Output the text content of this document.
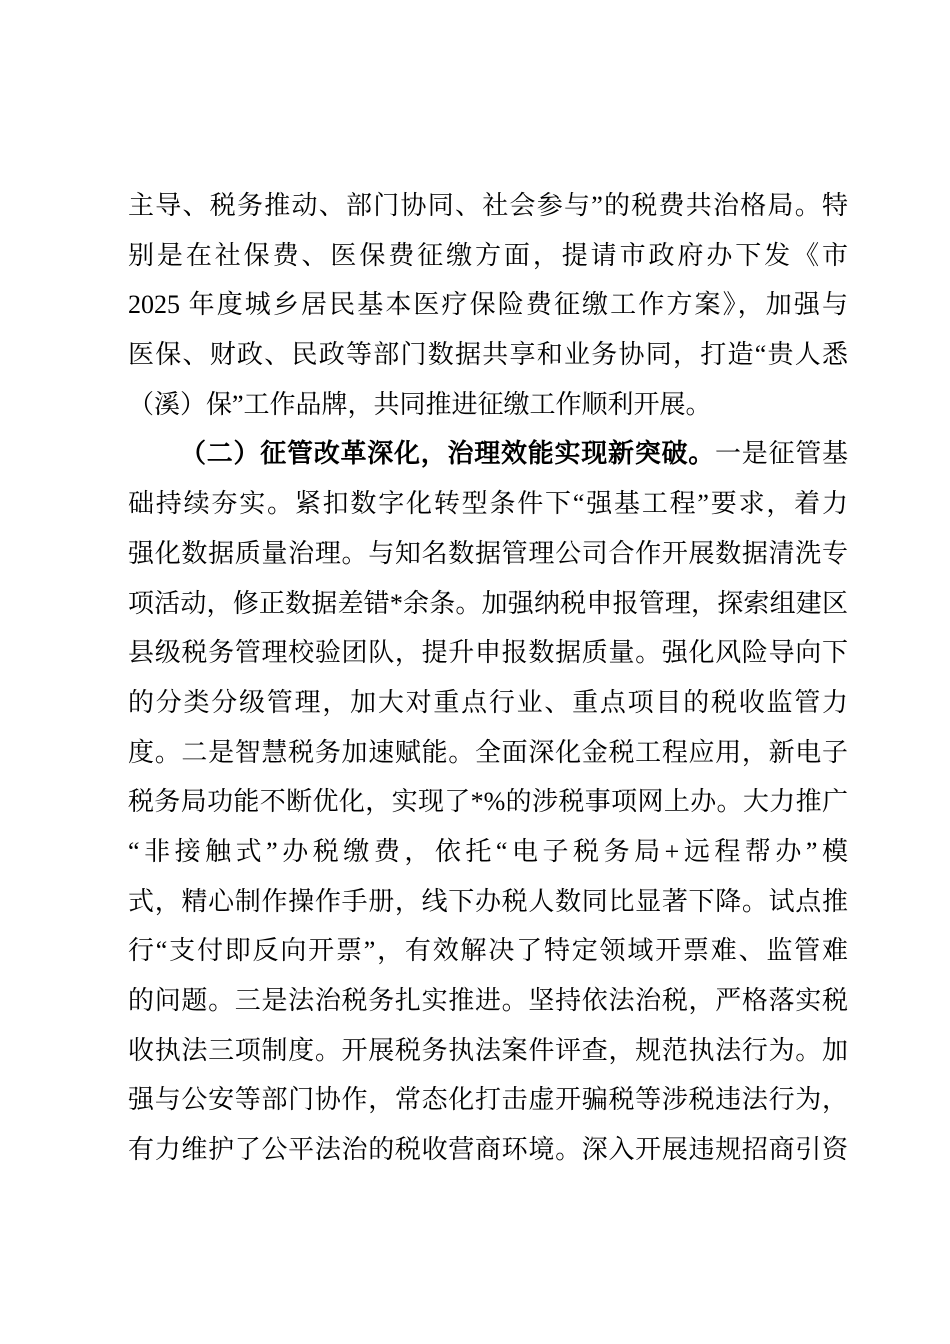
主导、税务推动、部门协同、社会参与”的税费共治格局。特
别是在社保费、医保费征缴方面，提请市政府办下发《市
2025 年度城乡居民基本医疗保险费征缴工作方案》，加强与
医保、财政、民政等部门数据共享和业务协同，打造“贵人悉
（溪）保”工作品牌，共同推进征缴工作顺利开展。
（二）征管改革深化，治理效能实现新突破。一是征管基
础持续夯实。紧扣数字化转型条件下“强基工程”要求，着力
强化数据质量治理。与知名数据管理公司合作开展数据清洗专
项活动，修正数据差错*余条。加强纳税申报管理，探索组建区
县级税务管理校验团队，提升申报数据质量。强化风险导向下
的分类分级管理，加大对重点行业、重点项目的税收监管力
度。二是智慧税务加速赋能。全面深化金税工程应用，新电子
税务局功能不断优化，实现了*%的涉税事项网上办。大力推广
“非接触式”办税缴费，依托“电子税务局+远程帮办”模
式，精心制作操作手册，线下办税人数同比显著下降。试点推
行“支付即反向开票”，有效解决了特定领域开票难、监管难
的问题。三是法治税务扎实推进。坚持依法治税，严格落实税
收执法三项制度。开展税务执法案件评查，规范执法行为。加
强与公安等部门协作，常态化打击虚开骗税等涉税违法行为，
有力维护了公平法治的税收营商环境。深入开展违规招商引资
